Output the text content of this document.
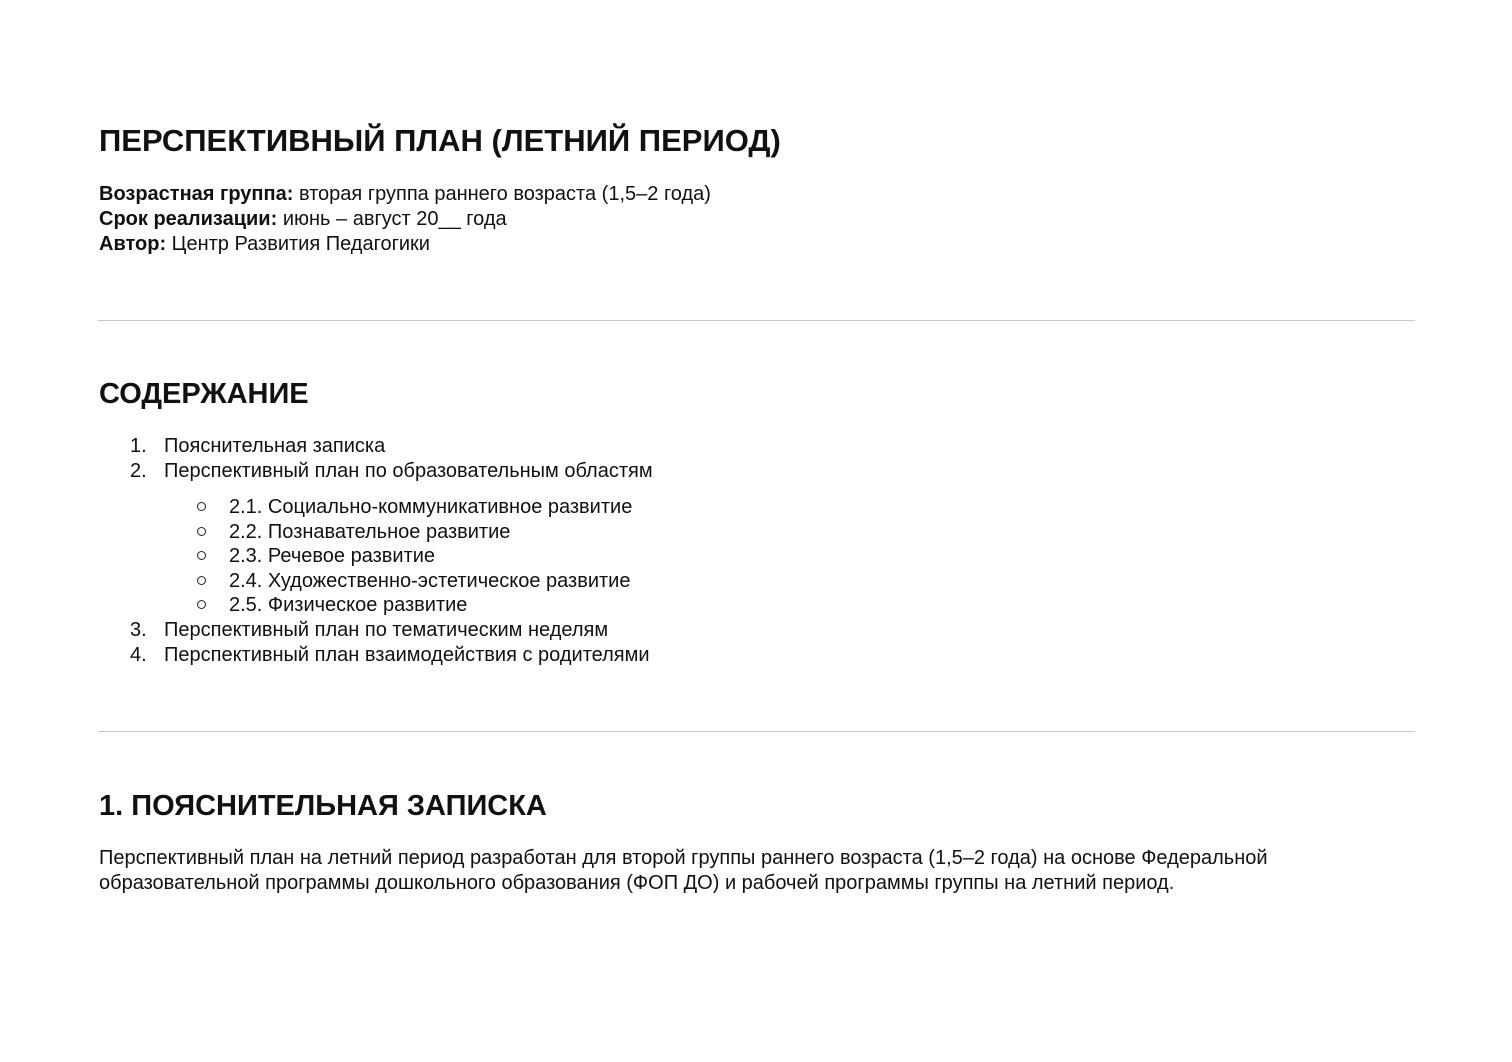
ПЕРСПЕКТИВНЫЙ ПЛАН (ЛЕТНИЙ ПЕРИОД)
Возрастная группа: вторая группа раннего возраста (1,5–2 года)
Срок реализации: июнь – август 20__ года
Автор: Центр Развития Педагогики
СОДЕРЖАНИЕ
1. Пояснительная записка
2. Перспективный план по образовательным областям
2.1. Социально-коммуникативное развитие
2.2. Познавательное развитие
2.3. Речевое развитие
2.4. Художественно-эстетическое развитие
2.5. Физическое развитие
3. Перспективный план по тематическим неделям
4. Перспективный план взаимодействия с родителями
1. ПОЯСНИТЕЛЬНАЯ ЗАПИСКА

Перспективный план на летний период разработан для второй группы раннего возраста (1,5–2 года) на основе Федеральной образовательной программы дошкольного образования (ФОП ДО) и рабочей программы группы на летний период.
